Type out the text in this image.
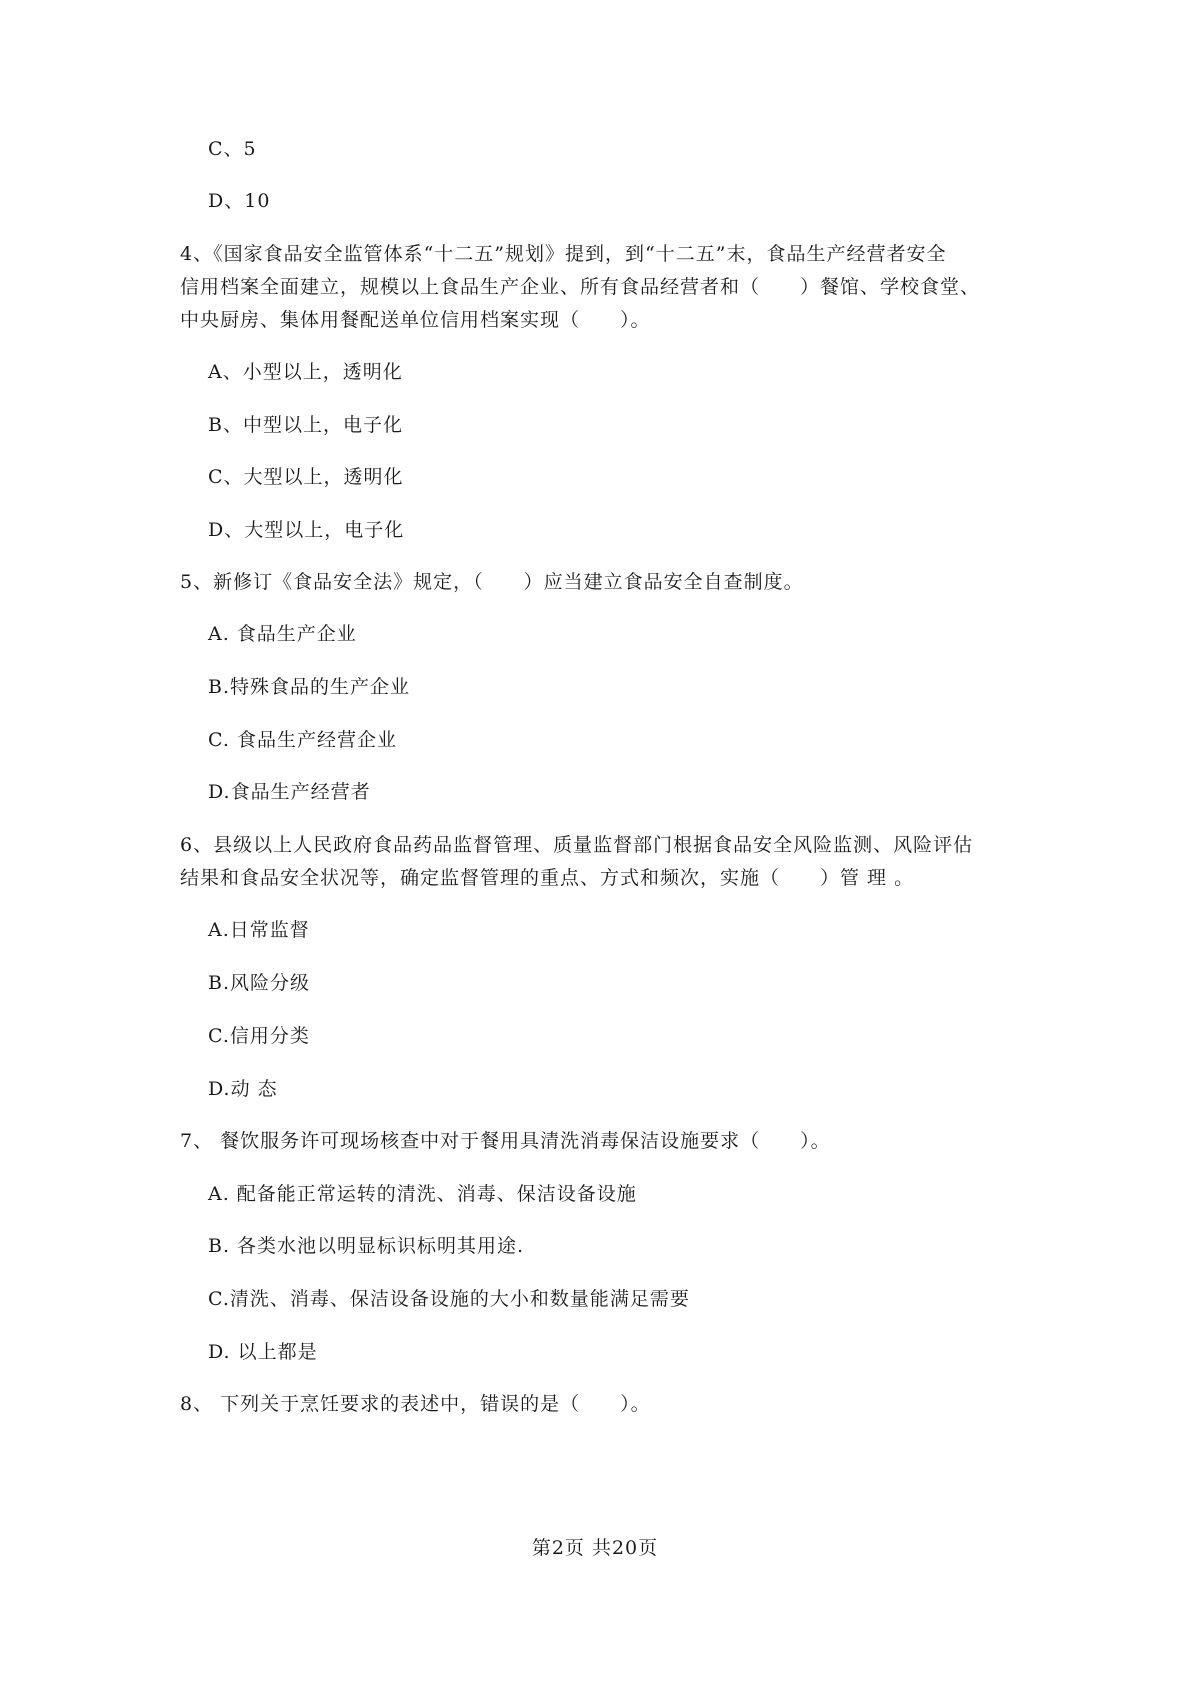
C、5
D、10
4、《国家食品安全监管体系“十二五”规划》提到，到“十二五”末，食品生产经营者安全
信用档案全面建立，规模以上食品生产企业、所有食品经营者和（　　）餐馆、学校食堂、
中央厨房、集体用餐配送单位信用档案实现（　　）。
A、小型以上，透明化
B、中型以上，电子化
C、大型以上，透明化
D、大型以上，电子化
5、新修订《食品安全法》规定，（　　）应当建立食品安全自查制度。
A. 食品生产企业
B.特殊食品的生产企业
C. 食品生产经营企业
D.食品生产经营者
6、县级以上人民政府食品药品监督管理、质量监督部门根据食品安全风险监测、风险评估
结果和食品安全状况等，确定监督管理的重点、方式和频次，实施（　　）管 理 。
A.日常监督
B.风险分级
C.信用分类
D.动 态
7、 餐饮服务许可现场核查中对于餐用具清洗消毒保洁设施要求（　　）。
A. 配备能正常运转的清洗、消毒、保洁设备设施
B. 各类水池以明显标识标明其用途.
C.清洗、消毒、保洁设备设施的大小和数量能满足需要
D. 以上都是
8、 下列关于烹饪要求的表述中，错误的是（　　）。
第2页 共20页
